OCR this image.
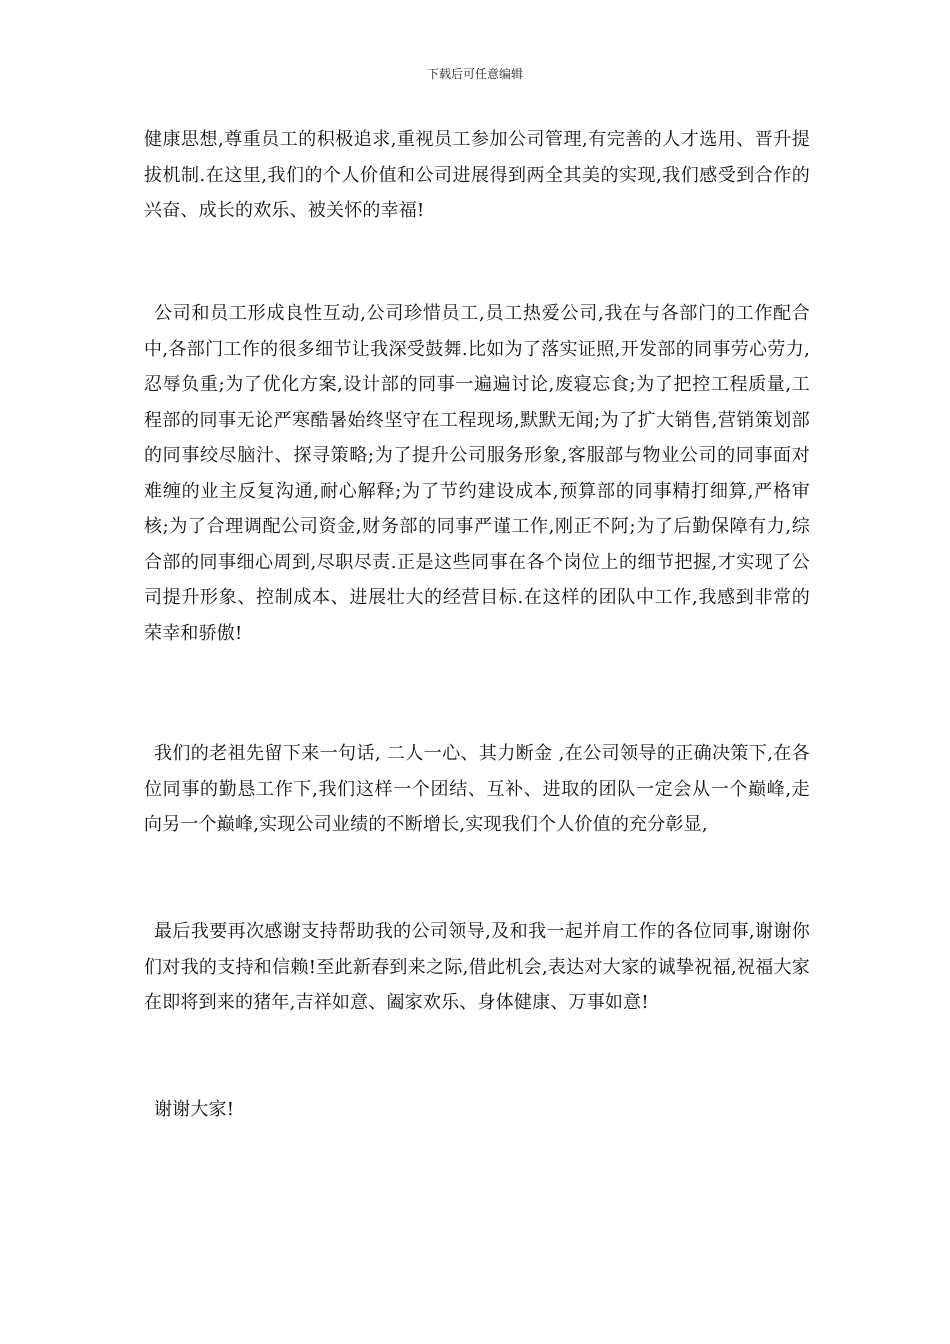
下载后可任意编辑

健康思想,尊重员工的积极追求,重视员工参加公司管理,有完善的人才选用、晋升提拔机制.在这里,我们的个人价值和公司进展得到两全其美的实现,我们感受到合作的兴奋、成长的欢乐、被关怀的幸福!

公司和员工形成良性互动,公司珍惜员工,员工热爱公司,我在与各部门的工作配合中,各部门工作的很多细节让我深受鼓舞.比如为了落实证照,开发部的同事劳心劳力,忍辱负重;为了优化方案,设计部的同事一遍遍讨论,废寝忘食;为了把控工程质量,工程部的同事无论严寒酷暑始终坚守在工程现场,默默无闻;为了扩大销售,营销策划部的同事绞尽脑汁、探寻策略;为了提升公司服务形象,客服部与物业公司的同事面对难缠的业主反复沟通,耐心解释;为了节约建设成本,预算部的同事精打细算,严格审核;为了合理调配公司资金,财务部的同事严谨工作,刚正不阿;为了后勤保障有力,综合部的同事细心周到,尽职尽责.正是这些同事在各个岗位上的细节把握,才实现了公司提升形象、控制成本、进展壮大的经营目标.在这样的团队中工作,我感到非常的荣幸和骄傲!

我们的老祖先留下来一句话, 二人一心、其力断金 ,在公司领导的正确决策下,在各位同事的勤恳工作下,我们这样一个团结、互补、进取的团队一定会从一个巅峰,走向另一个巅峰,实现公司业绩的不断增长,实现我们个人价值的充分彰显,

最后我要再次感谢支持帮助我的公司领导,及和我一起并肩工作的各位同事,谢谢你们对我的支持和信赖!至此新春到来之际,借此机会,表达对大家的诚挚祝福,祝福大家在即将到来的猪年,吉祥如意、阖家欢乐、身体健康、万事如意!

谢谢大家!
